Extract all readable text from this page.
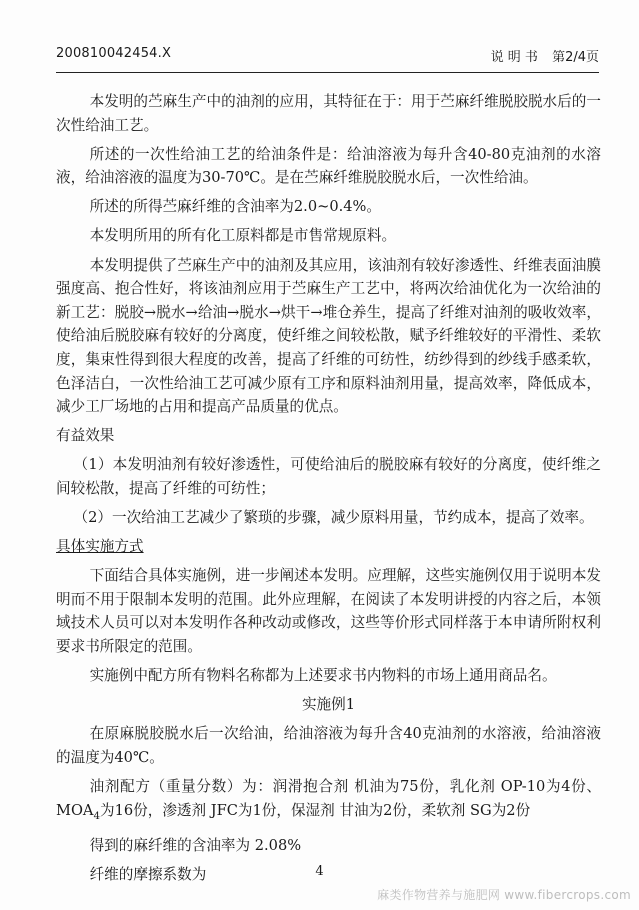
200810042454.X	说 明 书 第2/4页

本发明的苎麻生产中的油剂的应用，其特征在于：用于苎麻纤维脱胶脱水后的一次性给油工艺。

所述的一次性给油工艺的给油条件是：给油溶液为每升含40-80克油剂的水溶液，给油溶液的温度为30-70℃。是在苎麻纤维脱胶脱水后，一次性给油。

所述的所得苎麻纤维的含油率为2.0~0.4%。

本发明所用的所有化工原料都是市售常规原料。

本发明提供了苎麻生产中的油剂及其应用，该油剂有较好渗透性、纤维表面油膜强度高、抱合性好，将该油剂应用于苎麻生产工艺中，将两次给油优化为一次给油的新工艺：脱胶→脱水→给油→脱水→烘干→堆仓养生，提高了纤维对油剂的吸收效率，使给油后脱胶麻有较好的分离度，使纤维之间较松散，赋予纤维较好的平滑性、柔软度，集束性得到很大程度的改善，提高了纤维的可纺性，纺纱得到的纱线手感柔软，色泽洁白，一次性给油工艺可减少原有工序和原料油剂用量，提高效率，降低成本，减少工厂场地的占用和提高产品质量的优点。

有益效果

（1）本发明油剂有较好渗透性，可使给油后的脱胶麻有较好的分离度，使纤维之间较松散，提高了纤维的可纺性；

（2）一次给油工艺减少了繁琐的步骤，减少原料用量，节约成本，提高了效率。

具体实施方式

下面结合具体实施例，进一步阐述本发明。应理解，这些实施例仅用于说明本发明而不用于限制本发明的范围。此外应理解，在阅读了本发明讲授的内容之后，本领域技术人员可以对本发明作各种改动或修改，这些等价形式同样落于本申请所附权利要求书所限定的范围。

实施例中配方所有物料名称都为上述要求书内物料的市场上通用商品名。

实施例1

在原麻脱胶脱水后一次给油，给油溶液为每升含40克油剂的水溶液，给油溶液的温度为40℃。

油剂配方（重量分数）为：润滑抱合剂 机油为75份，乳化剂 OP-10为4份、$MOA_4$为16份，渗透剂 JFC为1份，保湿剂 甘油为2份，柔软剂 SG为2份

得到的麻纤维的含油率为 2.08%

纤维的摩擦系数为	4
麻类作物营养与施肥网 www.fibercrops.com
